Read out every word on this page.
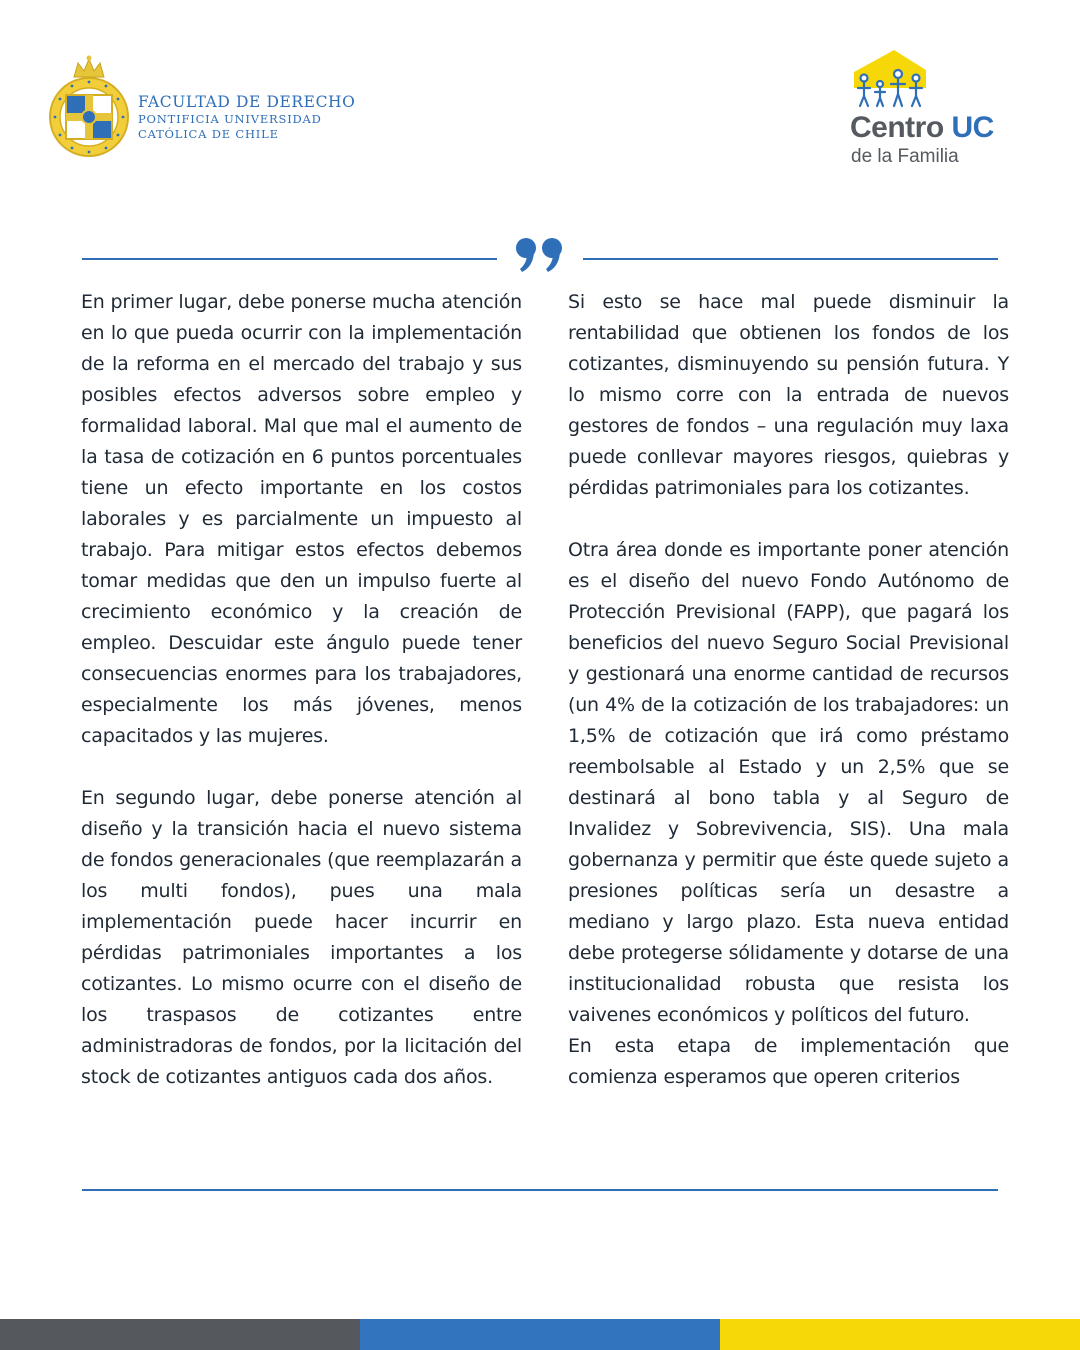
FACULTAD DE DERECHO
PONTIFICIA UNIVERSIDAD
CATÓLICA DE CHILE	Centro UC
de la Familia

En primer lugar, debe ponerse mucha atención en lo que pueda ocurrir con la implementación de la reforma en el mercado del trabajo y sus posibles efectos adversos sobre empleo y formalidad laboral. Mal que mal el aumento de la tasa de cotización en 6 puntos porcentuales tiene un efecto importante en los costos laborales y es parcialmente un impuesto al trabajo. Para mitigar estos efectos debemos tomar medidas que den un impulso fuerte al crecimiento económico y la creación de empleo. Descuidar este ángulo puede tener consecuencias enormes para los trabajadores, especialmente los más jóvenes, menos capacitados y las mujeres.

En segundo lugar, debe ponerse atención al diseño y la transición hacia el nuevo sistema de fondos generacionales (que reemplazarán a los multi fondos), pues una mala implementación puede hacer incurrir en pérdidas patrimoniales importantes a los cotizantes. Lo mismo ocurre con el diseño de los traspasos de cotizantes entre administradoras de fondos, por la licitación del stock de cotizantes antiguos cada dos años.

Si esto se hace mal puede disminuir la rentabilidad que obtienen los fondos de los cotizantes, disminuyendo su pensión futura. Y lo mismo corre con la entrada de nuevos gestores de fondos – una regulación muy laxa puede conllevar mayores riesgos, quiebras y pérdidas patrimoniales para los cotizantes.

Otra área donde es importante poner atención es el diseño del nuevo Fondo Autónomo de Protección Previsional (FAPP), que pagará los beneficios del nuevo Seguro Social Previsional y gestionará una enorme cantidad de recursos (un 4% de la cotización de los trabajadores: un 1,5% de cotización que irá como préstamo reembolsable al Estado y un 2,5% que se destinará al bono tabla y al Seguro de Invalidez y Sobrevivencia, SIS). Una mala gobernanza y permitir que éste quede sujeto a presiones políticas sería un desastre a mediano y largo plazo. Esta nueva entidad debe protegerse sólidamente y dotarse de una institucionalidad robusta que resista los vaivenes económicos y políticos del futuro.

En esta etapa de implementación que comienza esperamos que operen criterios
